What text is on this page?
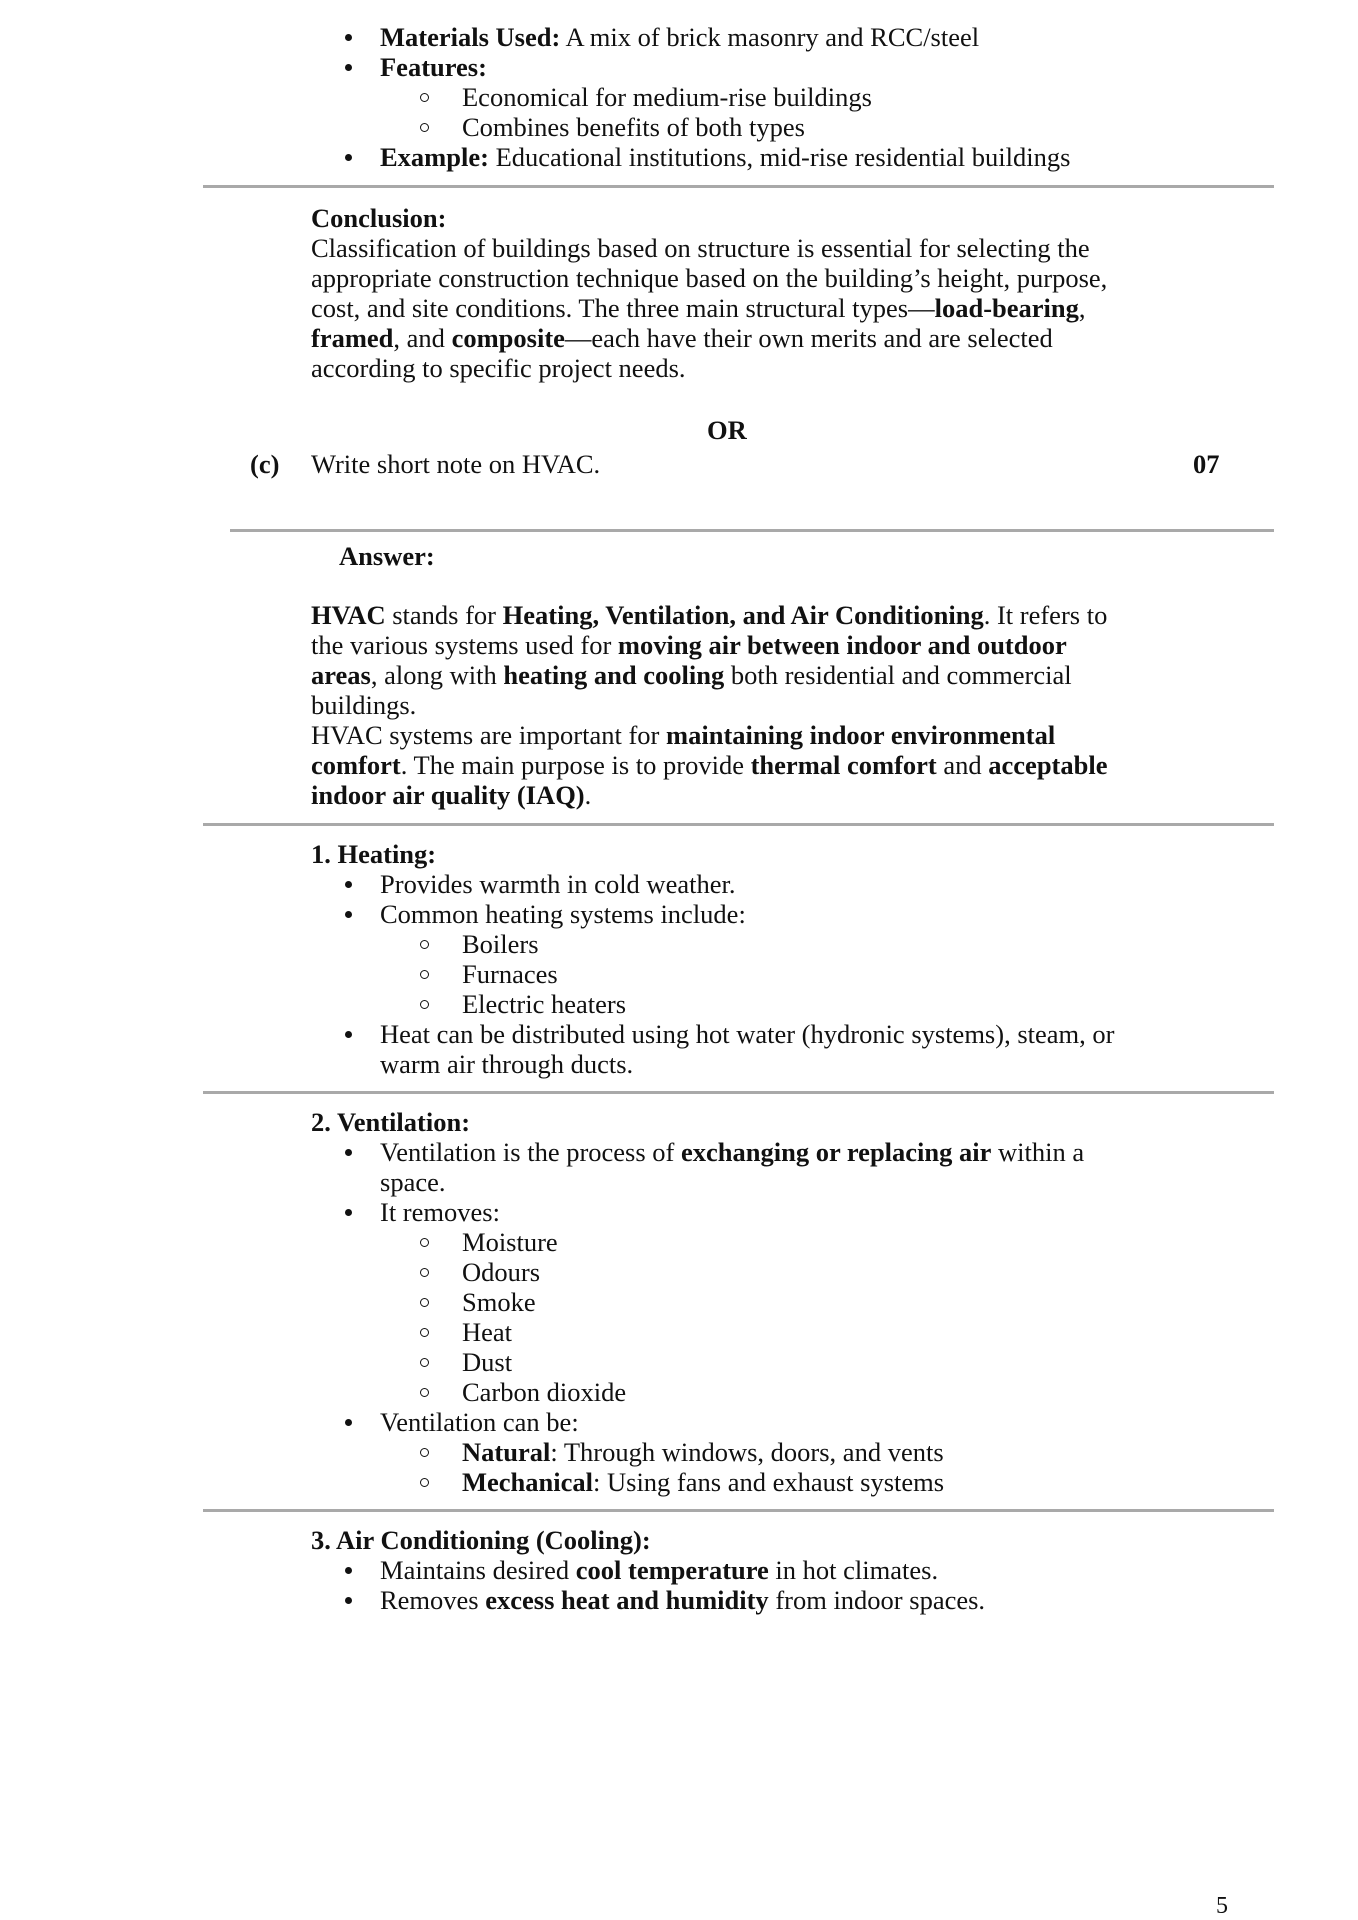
Materials Used: A mix of brick masonry and RCC/steel
Features:
Economical for medium-rise buildings
Combines benefits of both types
Example: Educational institutions, mid-rise residential buildings
Conclusion:
Classification of buildings based on structure is essential for selecting the
appropriate construction technique based on the building’s height, purpose,
cost, and site conditions. The three main structural types—load-bearing,
framed, and composite—each have their own merits and are selected
according to specific project needs.
OR
(c) Write short note on HVAC.	07
Answer:
HVAC stands for Heating, Ventilation, and Air Conditioning. It refers to
the various systems used for moving air between indoor and outdoor
areas, along with heating and cooling both residential and commercial
buildings.
HVAC systems are important for maintaining indoor environmental
comfort. The main purpose is to provide thermal comfort and acceptable
indoor air quality (IAQ).
1. Heating:
Provides warmth in cold weather.
Common heating systems include:
Boilers
Furnaces
Electric heaters
Heat can be distributed using hot water (hydronic systems), steam, or
warm air through ducts.
2. Ventilation:
Ventilation is the process of exchanging or replacing air within a
space.
It removes:
Moisture
Odours
Smoke
Heat
Dust
Carbon dioxide
Ventilation can be:
Natural: Through windows, doors, and vents
Mechanical: Using fans and exhaust systems
3. Air Conditioning (Cooling):
Maintains desired cool temperature in hot climates.
Removes excess heat and humidity from indoor spaces.
5
